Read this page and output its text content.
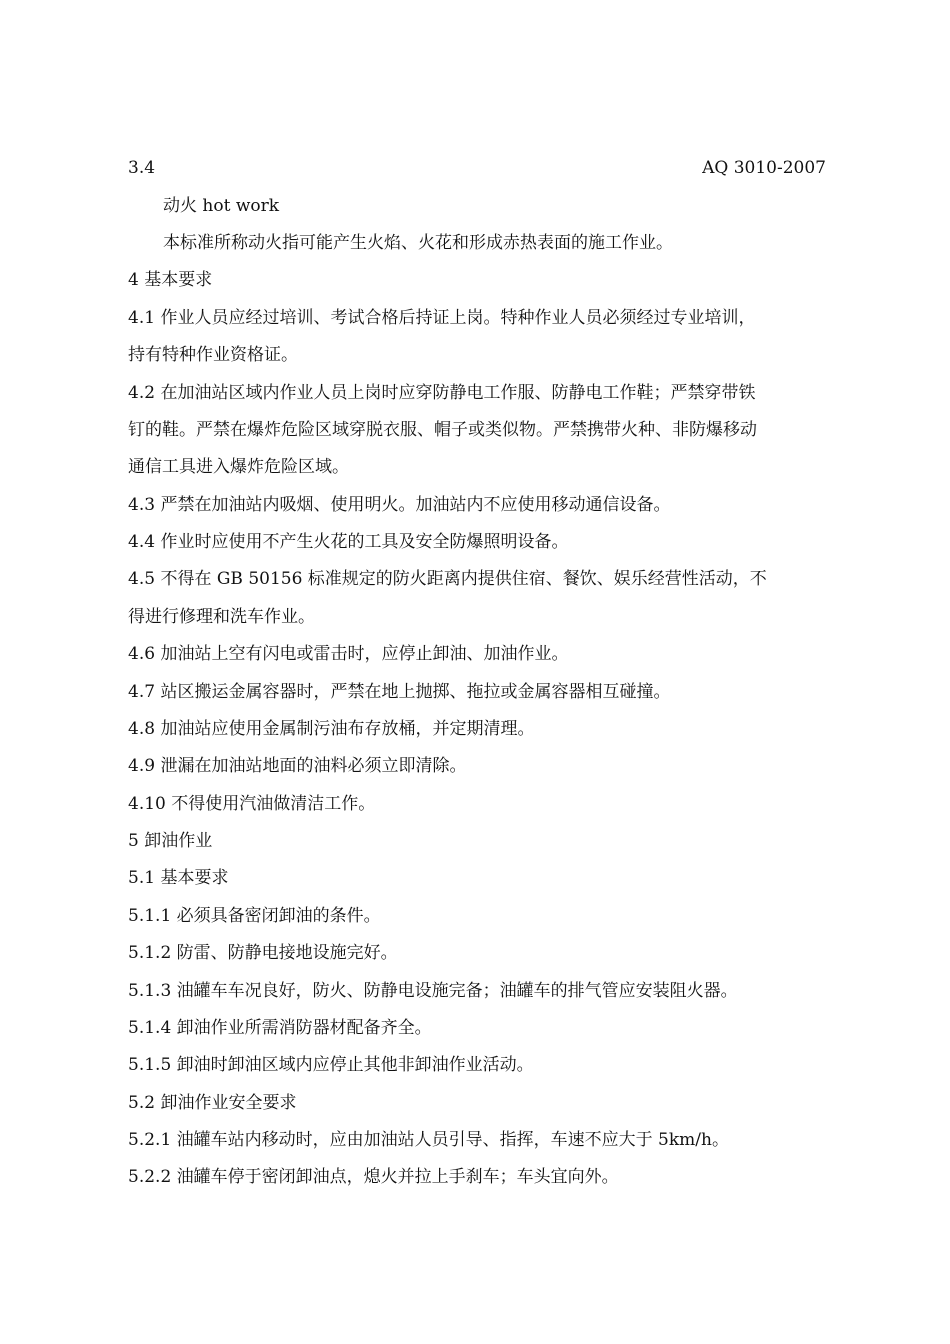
3.4	AQ 3010-2007
动火 hot work
本标准所称动火指可能产生火焰、火花和形成赤热表面的施工作业。
4 基本要求
4.1 作业人员应经过培训、考试合格后持证上岗。特种作业人员必须经过专业培训，
持有特种作业资格证。
4.2 在加油站区域内作业人员上岗时应穿防静电工作服、防静电工作鞋；严禁穿带铁
钉的鞋。严禁在爆炸危险区域穿脱衣服、帽子或类似物。严禁携带火种、非防爆移动
通信工具进入爆炸危险区域。
4.3 严禁在加油站内吸烟、使用明火。加油站内不应使用移动通信设备。
4.4 作业时应使用不产生火花的工具及安全防爆照明设备。
4.5 不得在 GB 50156 标准规定的防火距离内提供住宿、餐饮、娱乐经营性活动，不
得进行修理和洗车作业。
4.6 加油站上空有闪电或雷击时，应停止卸油、加油作业。
4.7 站区搬运金属容器时，严禁在地上抛掷、拖拉或金属容器相互碰撞。
4.8 加油站应使用金属制污油布存放桶，并定期清理。
4.9 泄漏在加油站地面的油料必须立即清除。
4.10 不得使用汽油做清洁工作。
5 卸油作业
5.1 基本要求
5.1.1 必须具备密闭卸油的条件。
5.1.2 防雷、防静电接地设施完好。
5.1.3 油罐车车况良好，防火、防静电设施完备；油罐车的排气管应安装阻火器。
5.1.4 卸油作业所需消防器材配备齐全。
5.1.5 卸油时卸油区域内应停止其他非卸油作业活动。
5.2 卸油作业安全要求
5.2.1 油罐车站内移动时，应由加油站人员引导、指挥，车速不应大于 5km/h。
5.2.2 油罐车停于密闭卸油点，熄火并拉上手刹车；车头宜向外。
